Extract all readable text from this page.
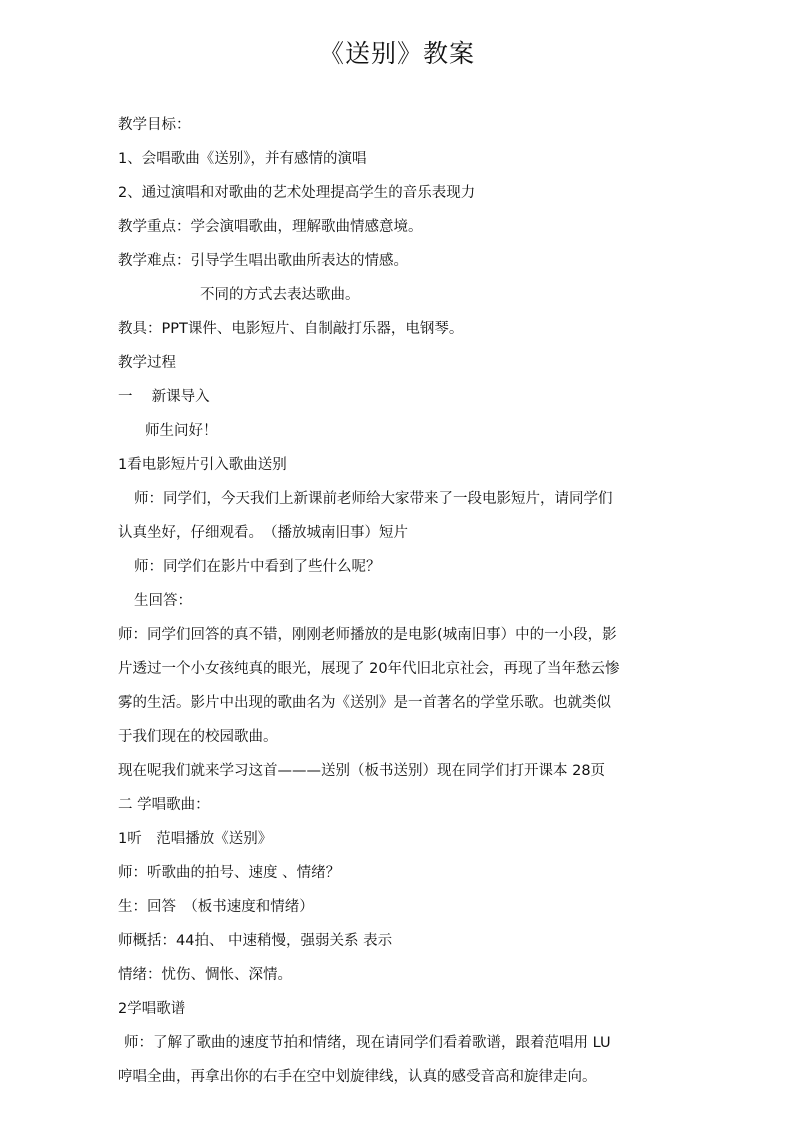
《送别》教案
教学目标：
1、会唱歌曲《送别》，并有感情的演唱
2、通过演唱和对歌曲的艺术处理提高学生的音乐表现力
教学重点：学会演唱歌曲，理解歌曲情感意境。
教学难点：引导学生唱出歌曲所表达的情感。
不同的方式去表达歌曲。
教具：PPT课件、电影短片、自制敲打乐器，电钢琴。
教学过程
一　 新课导入
师生问好！
1看电影短片引入歌曲送别
师：同学们，今天我们上新课前老师给大家带来了一段电影短片，请同学们
认真坐好，仔细观看。　（播放城南旧事）短片
师：同学们在影片中看到了些什么呢？
生回答：
师：同学们回答的真不错，刚刚老师播放的是电影(城南旧事）中的一小段，影
片透过一个小女孩纯真的眼光，展现了 20年代旧北京社会，再现了当年愁云惨
雾的生活。影片中出现的歌曲名为《送别》是一首著名的学堂乐歌。也就类似
于我们现在的校园歌曲。
现在呢我们就来学习这首———送别（板书送别）现在同学们打开课本 28页
二 学唱歌曲：
1听　范唱播放《送别》
师：听歌曲的拍号、速度 、情绪？
生：回答　（板书速度和情绪）
师概括：44拍、 中速稍慢，强弱关系 表示
情绪：忧伤、惆怅、深情。
2学唱歌谱
师：了解了歌曲的速度节拍和情绪，现在请同学们看着歌谱，跟着范唱用 LU
哼唱全曲，再拿出你的右手在空中划旋律线，认真的感受音高和旋律走向。
